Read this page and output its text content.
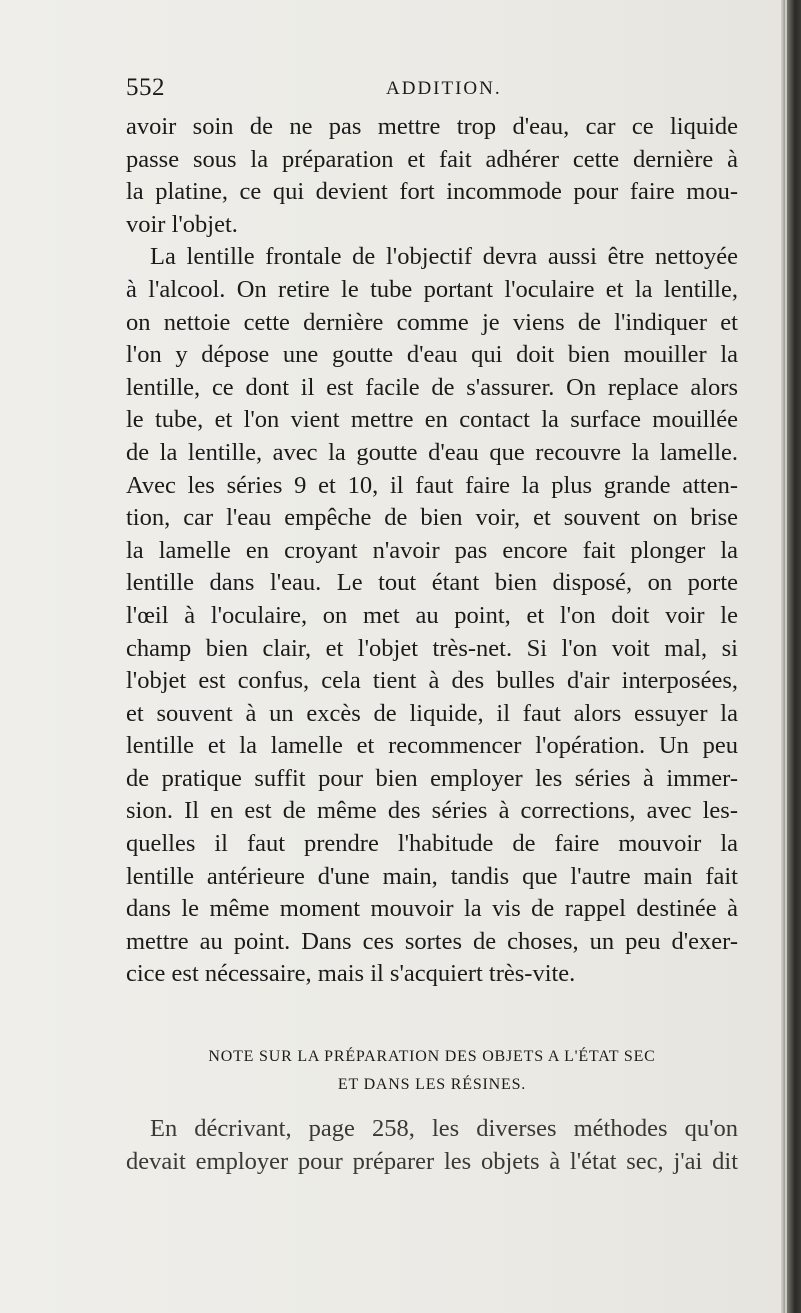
552	ADDITION.
avoir soin de ne pas mettre trop d'eau, car ce liquide
passe sous la préparation et fait adhérer cette dernière à
la platine, ce qui devient fort incommode pour faire mou-
voir l'objet.
La lentille frontale de l'objectif devra aussi être nettoyée
à l'alcool. On retire le tube portant l'oculaire et la lentille,
on nettoie cette dernière comme je viens de l'indiquer et
l'on y dépose une goutte d'eau qui doit bien mouiller la
lentille, ce dont il est facile de s'assurer. On replace alors
le tube, et l'on vient mettre en contact la surface mouillée
de la lentille, avec la goutte d'eau que recouvre la lamelle.
Avec les séries 9 et 10, il faut faire la plus grande atten-
tion, car l'eau empêche de bien voir, et souvent on brise
la lamelle en croyant n'avoir pas encore fait plonger la
lentille dans l'eau. Le tout étant bien disposé, on porte
l'œil à l'oculaire, on met au point, et l'on doit voir le
champ bien clair, et l'objet très-net. Si l'on voit mal, si
l'objet est confus, cela tient à des bulles d'air interposées,
et souvent à un excès de liquide, il faut alors essuyer la
lentille et la lamelle et recommencer l'opération. Un peu
de pratique suffit pour bien employer les séries à immer-
sion. Il en est de même des séries à corrections, avec les-
quelles il faut prendre l'habitude de faire mouvoir la
lentille antérieure d'une main, tandis que l'autre main fait
dans le même moment mouvoir la vis de rappel destinée à
mettre au point. Dans ces sortes de choses, un peu d'exer-
cice est nécessaire, mais il s'acquiert très-vite.
NOTE SUR LA PRÉPARATION DES OBJETS A L'ÉTAT SEC
ET DANS LES RÉSINES.
En décrivant, page 258, les diverses méthodes qu'on
devait employer pour préparer les objets à l'état sec, j'ai dit
